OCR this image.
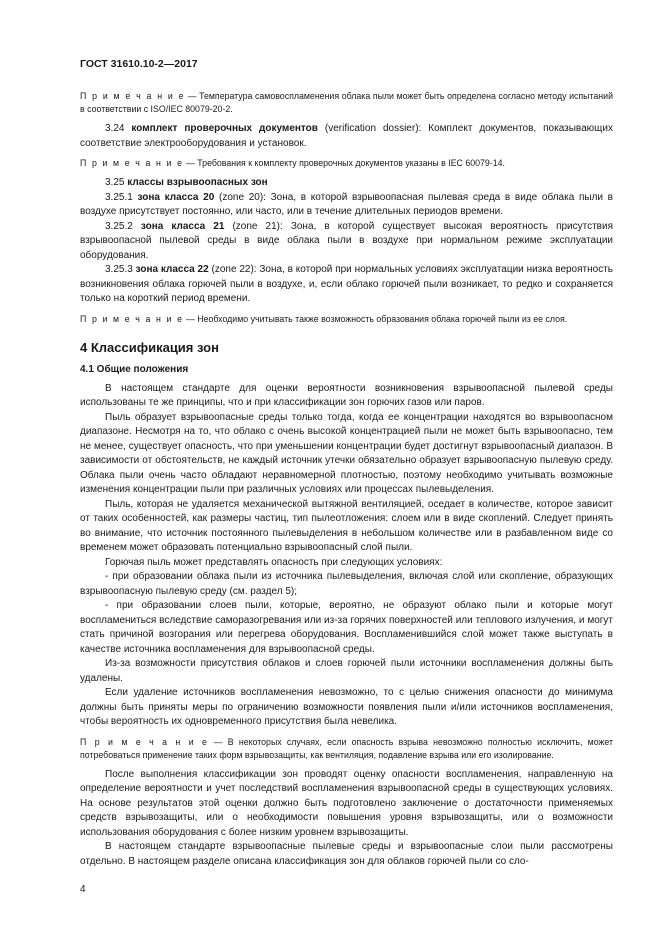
ГОСТ 31610.10-2—2017

П р и м е ч а н и е — Температура самовоспламенения облака пыли может быть определена согласно методу испытаний в соответствии с ISO/IEC 80079-20-2.

3.24 комплект проверочных документов (verification dossier): Комплект документов, показывающих соответствие электрооборудования и установок.

П р и м е ч а н и е — Требования к комплекту проверочных документов указаны в IEC 60079-14.

3.25 классы взрывоопасных зон

3.25.1 зона класса 20 (zone 20): Зона, в которой взрывоопасная пылевая среда в виде облака пыли в воздухе присутствует постоянно, или часто, или в течение длительных периодов времени.

3.25.2 зона класса 21 (zone 21): Зона, в которой существует высокая вероятность присутствия взрывоопасной пылевой среды в виде облака пыли в воздухе при нормальном режиме эксплуатации оборудования.

3.25.3 зона класса 22 (zone 22): Зона, в которой при нормальных условиях эксплуатации низка вероятность возникновения облака горючей пыли в воздухе, и, если облако горючей пыли возникает, то редко и сохраняется только на короткий период времени.

П р и м е ч а н и е — Необходимо учитывать также возможность образования облака горючей пыли из ее слоя.

4 Классификация зон
4.1 Общие положения

В настоящем стандарте для оценки вероятности возникновения взрывоопасной пылевой среды использованы те же принципы, что и при классификации зон горючих газов или паров.

Пыль образует взрывоопасные среды только тогда, когда ее концентрации находятся во взрывоопасном диапазоне. Несмотря на то, что облако с очень высокой концентрацией пыли не может быть взрывоопасно, тем не менее, существует опасность, что при уменьшении концентрации будет достигнут взрывоопасный диапазон. В зависимости от обстоятельств, не каждый источник утечки обязательно образует взрывоопасную пылевую среду. Облака пыли очень часто обладают неравномерной плотностью, поэтому необходимо учитывать возможные изменения концентрации пыли при различных условиях или процессах пылевыделения.

Пыль, которая не удаляется механической вытяжной вентиляцией, оседает в количестве, которое зависит от таких особенностей, как размеры частиц, тип пылеотложения: слоем или в виде скоплений. Следует принять во внимание, что источник постоянного пылевыделения в небольшом количестве или в разбавленном виде со временем может образовать потенциально взрывоопасный слой пыли.

Горючая пыль может представлять опасность при следующих условиях:

- при образовании облака пыли из источника пылевыделения, включая слой или скопление, образующих взрывоопасную пылевую среду (см. раздел 5);

- при образовании слоев пыли, которые, вероятно, не образуют облако пыли и которые могут воспламениться вследствие саморазогревания или из-за горячих поверхностей или теплового излучения, и могут стать причиной возгорания или перегрева оборудования. Воспламенившийся слой может также выступать в качестве источника воспламенения для взрывоопасной среды.

Из-за возможности присутствия облаков и слоев горючей пыли источники воспламенения должны быть удалены.

Если удаление источников воспламенения невозможно, то с целью снижения опасности до минимума должны быть приняты меры по ограничению возможности появления пыли и/или источников воспламенения, чтобы вероятность их одновременного присутствия была невелика.

П р и м е ч а н и е — В некоторых случаях, если опасность взрыва невозможно полностью исключить, может потребоваться применение таких форм взрывозащиты, как вентиляция, подавление взрыва или его изолирование.

После выполнения классификации зон проводят оценку опасности воспламенения, направленную на определение вероятности и учет последствий воспламенения взрывоопасной среды в существующих условиях. На основе результатов этой оценки должно быть подготовлено заключение о достаточности применяемых средств взрывозащиты, или о необходимости повышения уровня взрывозащиты, или о возможности использования оборудования с более низким уровнем взрывозащиты.

В настоящем стандарте взрывоопасные пылевые среды и взрывоопасные слои пыли рассмотрены отдельно. В настоящем разделе описана классификация зон для облаков горючей пыли со сло-

4
